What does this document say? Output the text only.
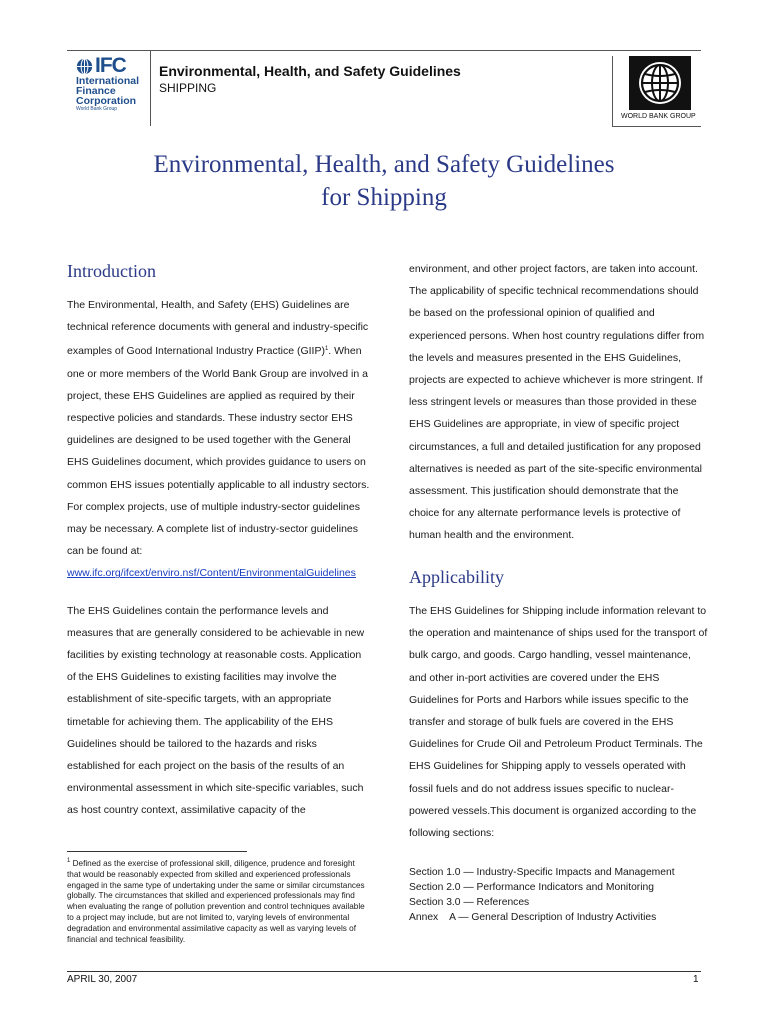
IFC
International
Finance
Corporation
World Bank Group
Environmental, Health, and Safety Guidelines
SHIPPING
WORLD BANK GROUP
Environmental, Health, and Safety Guidelines
for Shipping
Introduction

The Environmental, Health, and Safety (EHS) Guidelines are technical reference documents with general and industry-specific examples of Good International Industry Practice (GIIP)$^1$. When one or more members of the World Bank Group are involved in a project, these EHS Guidelines are applied as required by their respective policies and standards. These industry sector EHS guidelines are designed to be used together with the General EHS Guidelines document, which provides guidance to users on common EHS issues potentially applicable to all industry sectors. For complex projects, use of multiple industry-sector guidelines may be necessary. A complete list of industry-sector guidelines can be found at:

www.ifc.org/ifcext/enviro.nsf/Content/EnvironmentalGuidelines

The EHS Guidelines contain the performance levels and measures that are generally considered to be achievable in new facilities by existing technology at reasonable costs. Application of the EHS Guidelines to existing facilities may involve the establishment of site-specific targets, with an appropriate timetable for achieving them. The applicability of the EHS Guidelines should be tailored to the hazards and risks established for each project on the basis of the results of an environmental assessment in which site-specific variables, such as host country context, assimilative capacity of the

environment, and other project factors, are taken into account. The applicability of specific technical recommendations should be based on the professional opinion of qualified and experienced persons. When host country regulations differ from the levels and measures presented in the EHS Guidelines, projects are expected to achieve whichever is more stringent. If less stringent levels or measures than those provided in these EHS Guidelines are appropriate, in view of specific project circumstances, a full and detailed justification for any proposed alternatives is needed as part of the site-specific environmental assessment. This justification should demonstrate that the choice for any alternate performance levels is protective of human health and the environment.

Applicability

The EHS Guidelines for Shipping include information relevant to the operation and maintenance of ships used for the transport of bulk cargo, and goods. Cargo handling, vessel maintenance, and other in-port activities are covered under the EHS Guidelines for Ports and Harbors while issues specific to the transfer and storage of bulk fuels are covered in the EHS Guidelines for Crude Oil and Petroleum Product Terminals. The EHS Guidelines for Shipping apply to vessels operated with fossil fuels and do not address issues specific to nuclear-powered vessels.This document is organized according to the following sections:

Section 1.0 — Industry-Specific Impacts and Management
Section 2.0 — Performance Indicators and Monitoring
Section 3.0 — References
Annex    A — General Description of Industry Activities
$^1$ Defined as the exercise of professional skill, diligence, prudence and foresight that would be reasonably expected from skilled and experienced professionals engaged in the same type of undertaking under the same or similar circumstances globally. The circumstances that skilled and experienced professionals may find when evaluating the range of pollution prevention and control techniques available to a project may include, but are not limited to, varying levels of environmental degradation and environmental assimilative capacity as well as varying levels of financial and technical feasibility.
APRIL 30, 2007	1
